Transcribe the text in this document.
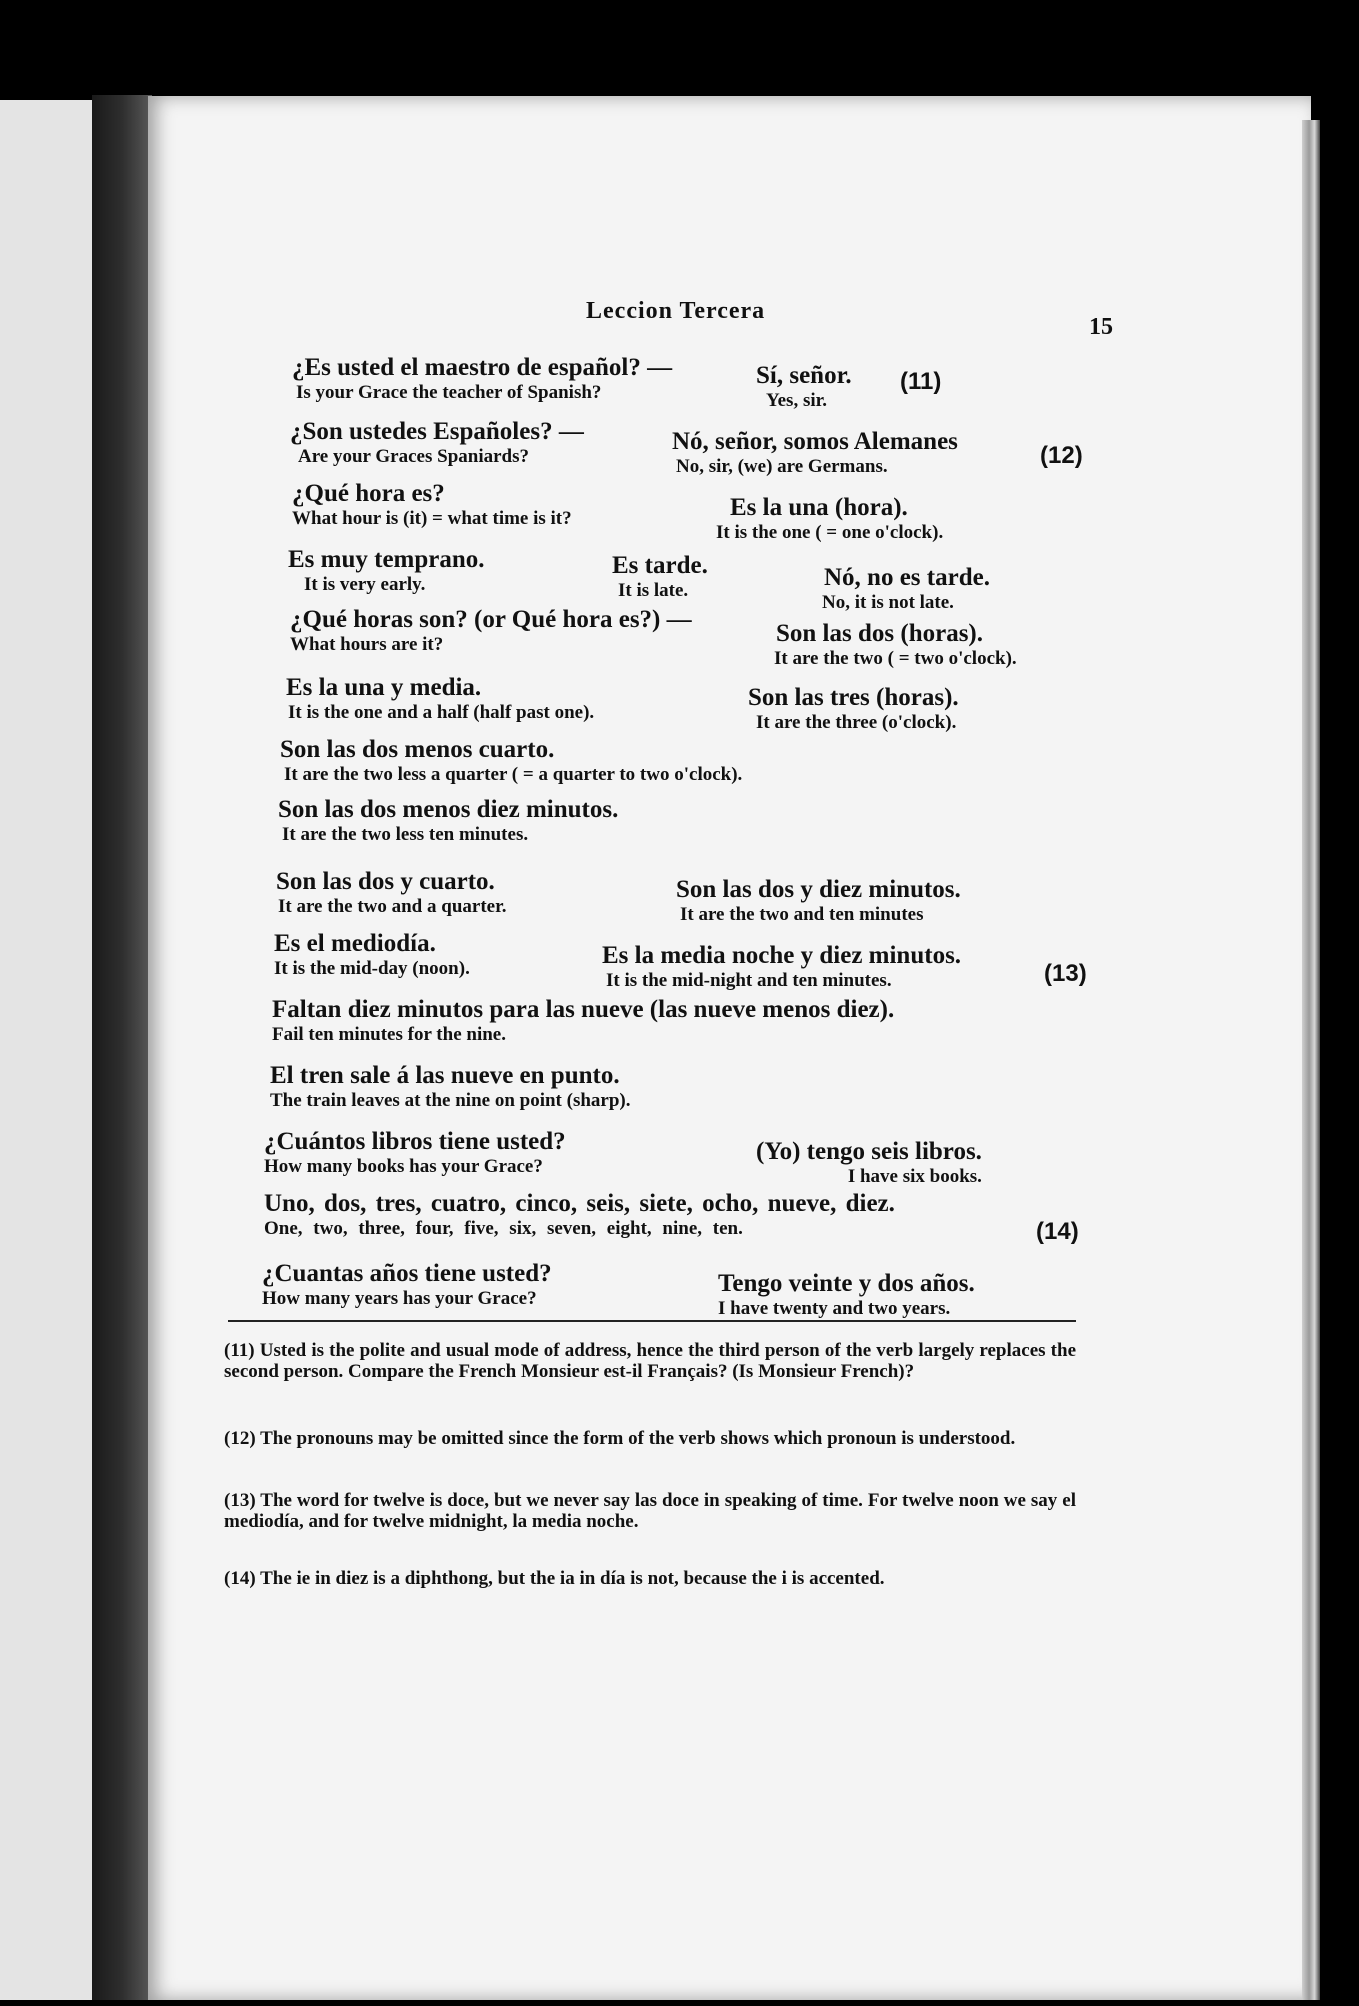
Leccion Tercera
15
¿Es usted el maestro de español? —
Is your Grace the teacher of Spanish?
Sí, señor.
Yes, sir.
(11)
¿Son ustedes Españoles? —
Are your Graces Spaniards?
Nó, señor, somos Alemanes
No, sir, (we) are Germans.	(12)
¿Qué hora es?
What hour is (it) = what time is it?	Es la una (hora).
It is the one ( = one o'clock).
Es muy temprano.
It is very early.
Es tarde.
It is late.	Nó, no es tarde.
No, it is not late.
¿Qué horas son? (or Qué hora es?) —
What hours are it?	Son las dos (horas).
It are the two ( = two o'clock).
Es la una y media.
It is the one and a half (half past one).
Son las tres (horas).
It are the three (o'clock).
Son las dos menos cuarto.
It are the two less a quarter ( = a quarter to two o'clock).
Son las dos menos diez minutos.
It are the two less ten minutes.
Son las dos y cuarto.
It are the two and a quarter.
Son las dos y diez minutos.
It are the two and ten minutes
Es el mediodía.
It is the mid-day (noon).	Es la media noche y diez minutos.
It is the mid-night and ten minutes.	(13)
Faltan diez minutos para las nueve (las nueve menos diez).
Fail ten minutes for the nine.
El tren sale á las nueve en punto.
The train leaves at the nine on point (sharp).
¿Cuántos libros tiene usted?
How many books has your Grace?
(Yo) tengo seis libros.
I have six books.
Uno, dos, tres, cuatro, cinco, seis, siete, ocho, nueve, diez.
One, two, three, four, five, six, seven, eight, nine, ten.	(14)
¿Cuantas años tiene usted?
How many years has your Grace?
Tengo veinte y dos años.
I have twenty and two years.
(11) Usted is the polite and usual mode of address, hence the third person of the verb largely replaces the second person. Compare the French Monsieur est-il Français? (Is Monsieur French)?
(12) The pronouns may be omitted since the form of the verb shows which pronoun is understood.
(13) The word for twelve is doce, but we never say las doce in speaking of time. For twelve noon we say el mediodía, and for twelve midnight, la media noche.
(14) The ie in diez is a diphthong, but the ia in día is not, because the i is accented.
